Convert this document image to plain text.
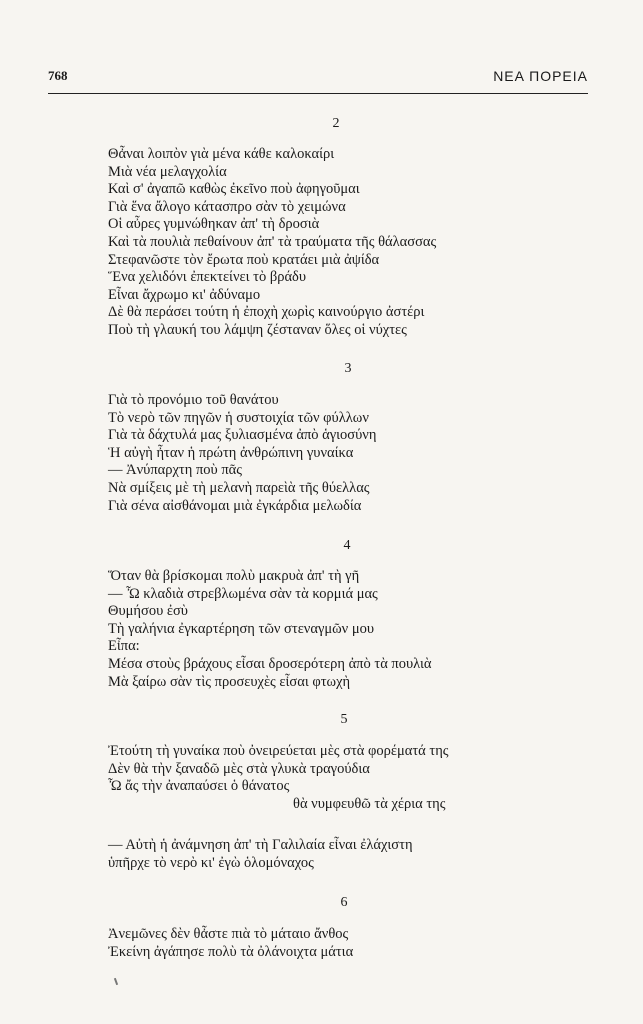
768	ΝΕΑ ΠΟΡΕΙΑ
2
Θἆναι λοιπὸν γιὰ μένα κάθε καλοκαίρι
Μιὰ νέα μελαγχολία
Καὶ σ' ἀγαπῶ καθὼς ἐκεῖνο ποὺ ἀφηγοῦμαι
Γιὰ ἕνα ἄλογο κάτασπρο σὰν τὸ χειμώνα
Οἱ αὖρες γυμνώθηκαν ἀπ' τὴ δροσιὰ
Καὶ τὰ πουλιὰ πεθαίνουν ἀπ' τὰ τραύματα τῆς θάλασσας
Στεφανῶστε τὸν ἔρωτα ποὺ κρατάει μιὰ ἀψίδα
Ἕνα χελιδόνι ἐπεκτείνει τὸ βράδυ
Εἶναι ἄχρωμο κι' ἀδύναμο
Δὲ θὰ περάσει τούτη ἡ ἐποχὴ χωρὶς καινούργιο ἀστέρι
Ποὺ τὴ γλαυκή του λάμψη ζέσταναν ὅλες οἱ νύχτες
3
Γιὰ τὸ προνόμιο τοῦ θανάτου
Τὸ νερὸ τῶν πηγῶν ἡ συστοιχία τῶν φύλλων
Γιὰ τὰ δάχτυλά μας ξυλιασμένα ἀπὸ ἁγιοσύνη
Ἡ αὐγὴ ἦταν ἡ πρώτη ἀνθρώπινη γυναίκα
— Ἀνύπαρχτη ποὺ πᾶς
Νὰ σμίξεις μὲ τὴ μελανὴ παρεὶὰ τῆς θύελλας
Γιὰ σένα αἰσθάνομαι μιὰ ἐγκάρδια μελωδία
4
Ὅταν θὰ βρίσκομαι πολὺ μακρυὰ ἀπ' τὴ γῆ
— Ὦ κλαδιὰ στρεβλωμένα σὰν τὰ κορμιά μας
Θυμήσου ἐσὺ
Τὴ γαλήνια ἐγκαρτέρηση τῶν στεναγμῶν μου
Εἶπα:
Μέσα στοὺς βράχους εἶσαι δροσερότερη ἀπὸ τὰ πουλιὰ
Μὰ ξαίρω σὰν τὶς προσευχὲς εἶσαι φτωχὴ
5
Ἐτούτη τὴ γυναίκα ποὺ ὀνειρεύεται μὲς στὰ φορέματά της
Δὲν θὰ τὴν ξαναδῶ μὲς στὰ γλυκὰ τραγούδια
Ὦ ἄς τὴν ἀναπαύσει ὁ θάνατος
θὰ νυμφευθῶ τὰ χέρια της
— Αὐτὴ ἡ ἀνάμνηση ἀπ' τὴ Γαλιλαία εἶναι ἐλάχιστη
ὑπῆρχε τὸ νερὸ κι' ἐγὼ ὁλομόναχος
6
Ἀνεμῶνες δὲν θἆστε πιὰ τὸ μάταιο ἄνθος
Ἐκείνη ἀγάπησε πολὺ τὰ ὀλάνοιχτα μάτια
